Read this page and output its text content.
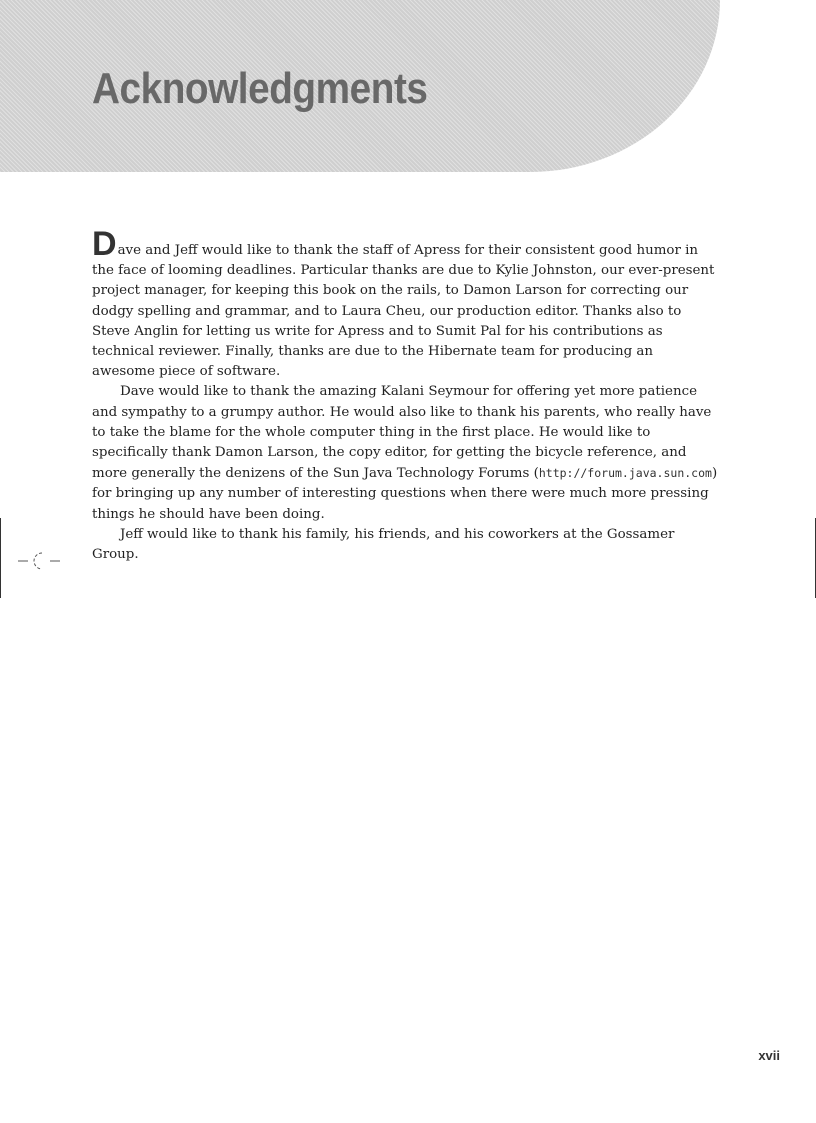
Acknowledgments

Dave and Jeff would like to thank the staff of Apress for their consistent good humor in the face of looming deadlines. Particular thanks are due to Kylie Johnston, our ever-present project manager, for keeping this book on the rails, to Damon Larson for correcting our dodgy spelling and grammar, and to Laura Cheu, our production editor. Thanks also to Steve Anglin for letting us write for Apress and to Sumit Pal for his contributions as technical reviewer. Finally, thanks are due to the Hibernate team for producing an awesome piece of software.

Dave would like to thank the amazing Kalani Seymour for offering yet more patience and sympathy to a grumpy author. He would also like to thank his parents, who really have to take the blame for the whole computer thing in the first place. He would like to specifically thank Damon Larson, the copy editor, for getting the bicycle reference, and more generally the denizens of the Sun Java Technology Forums (http://forum.java.sun.com) for bringing up any number of interesting questions when there were much more pressing things he should have been doing.

Jeff would like to thank his family, his friends, and his coworkers at the Gossamer Group.

xvii
